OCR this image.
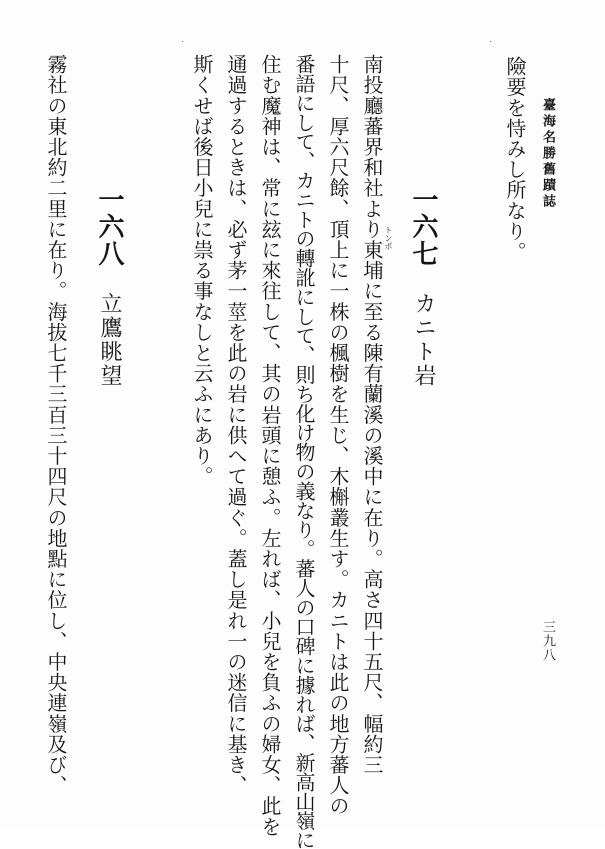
臺海名勝舊蹟誌

險要を恃みし所なり。

一六七

カニト岩

南投廳蕃界和社より東埔に至る陳有蘭溪の溪中に在り。高さ四十五尺、幅約三 トンポ

十尺、厚六尺餘、頂上に一株の楓樹を生じ、木槲叢生す。カニトは此の地方蕃人の

番語にして、カニトの轉訛にして、則ち化け物の義なり。蕃人の口碑に據れば、新高山嶺に

住む魔神は、常に玆に來往して、其の岩頭に憩ふ。左れば、小兒を負ふの婦女、此を

通過するときは、必ず茅一莖を此の岩に供へて過ぐ。蓋し是れ一の迷信に基き、

斯くせば後日小兒に祟る事なしと云ふにあり。

一六八

立鷹眺望

霧社の東北約二里に在り。海拔七千三百三十四尺の地點に位し、中央連嶺及び、	三九八

·
·
